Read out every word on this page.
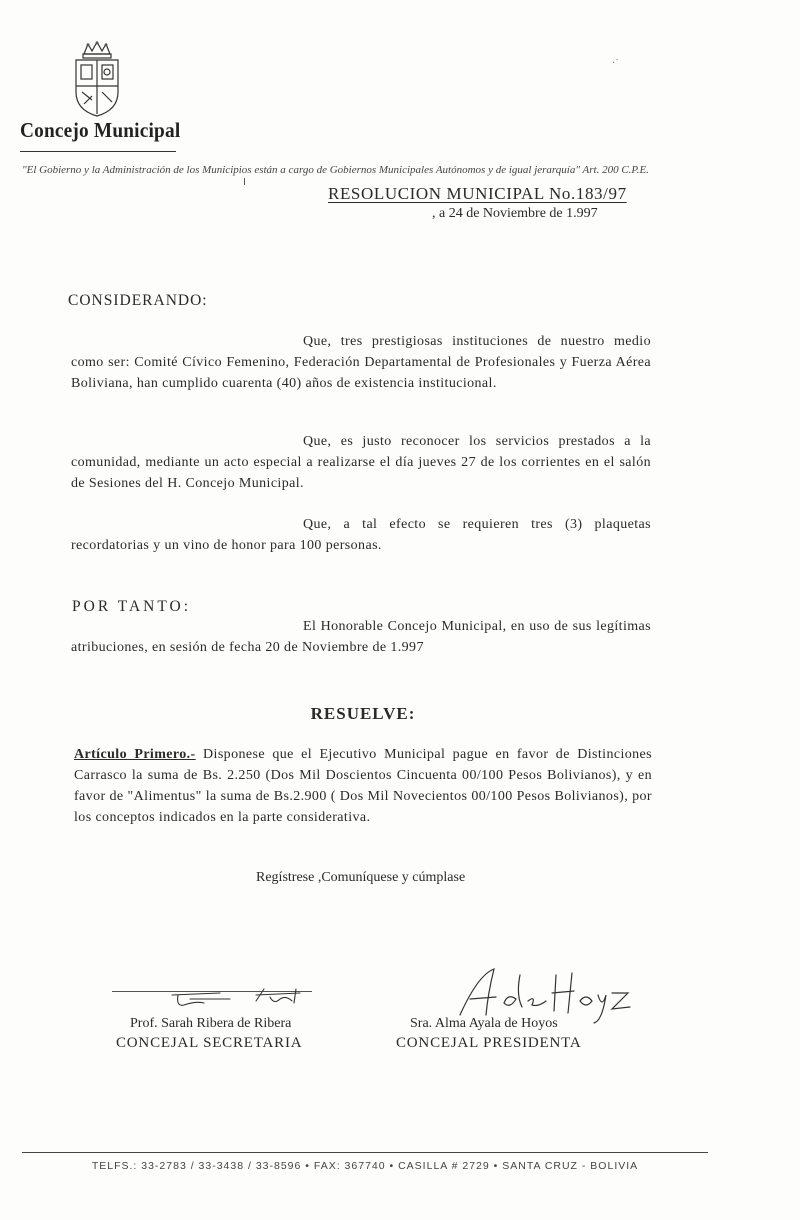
Concejo Municipal
"El Gobierno y la Administración de los Municipios están a cargo de Gobiernos Municipales Autónomos y de igual jerarquía" Art. 200 C.P.E.
·˙
RESOLUCION MUNICIPAL No.183/97
, a 24 de Noviembre de 1.997
CONSIDERANDO:
Que, tres prestigiosas instituciones de nuestro medio como ser: Comité Cívico Femenino, Federación Departamental de Profesionales y Fuerza Aérea Boliviana, han cumplido cuarenta (40) años de existencia institucional.
Que, es justo reconocer los servicios prestados a la comunidad, mediante un acto especial a realizarse el día jueves 27 de los corrientes en el salón de Sesiones del H. Concejo Municipal.
Que, a tal efecto se requieren tres (3) plaquetas recordatorias y un vino de honor para 100 personas.
POR TANTO:
El Honorable Concejo Municipal, en uso de sus legítimas atribuciones, en sesión de fecha 20 de Noviembre de 1.997
RESUELVE:
Artículo Primero.- Disponese que el Ejecutivo Municipal pague en favor de Distinciones Carrasco la suma de Bs. 2.250 (Dos Mil Doscientos Cincuenta 00/100 Pesos Bolivianos), y en favor de "Alimentus" la suma de Bs.2.900 ( Dos Mil Novecientos 00/100 Pesos Bolivianos), por los conceptos indicados en la parte considerativa.
Regístrese ,Comuníquese y cúmplase
Prof. Sarah Ribera de Ribera
CONCEJAL SECRETARIA
Sra. Alma Ayala de Hoyos
CONCEJAL PRESIDENTA
TELFS.: 33-2783 / 33-3438 / 33-8596 • FAX: 367740 • CASILLA # 2729 • SANTA CRUZ - BOLIVIA
